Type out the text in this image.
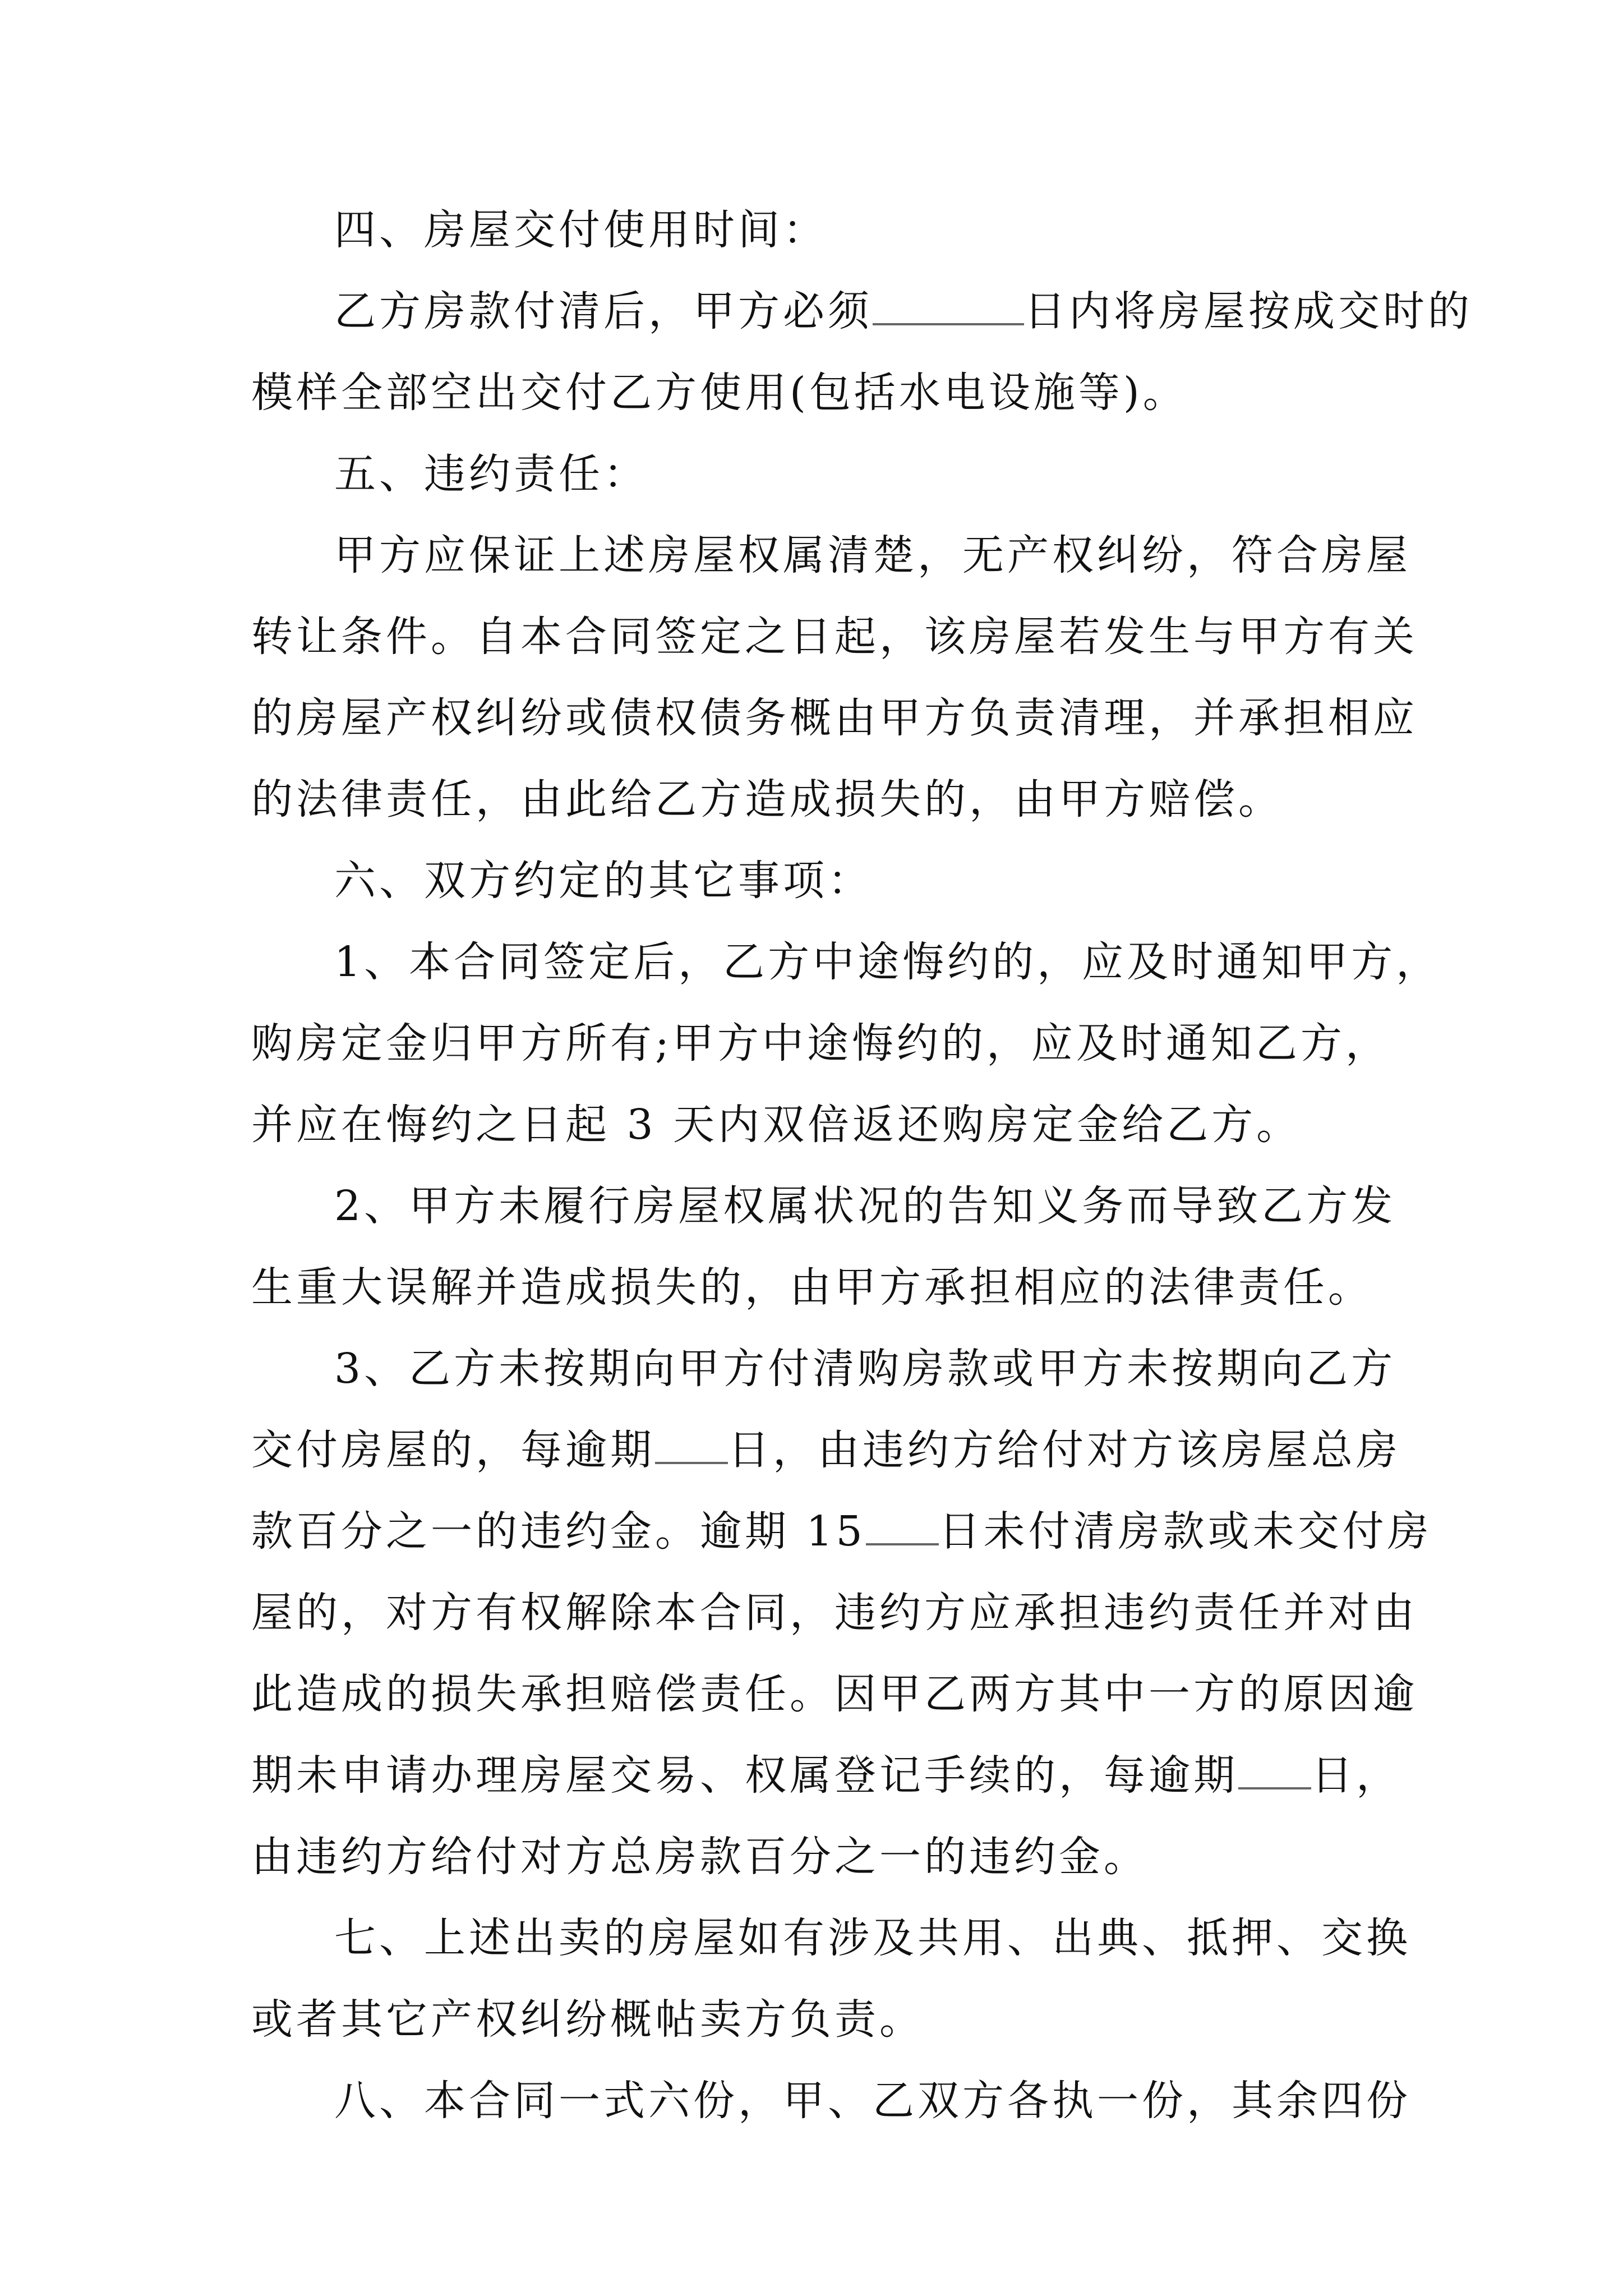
四、房屋交付使用时间：
乙方房款付清后，甲方必须	日内将房屋按成交时的
模样全部空出交付乙方使用(包括水电设施等)。
五、违约责任：
甲方应保证上述房屋权属清楚，无产权纠纷，符合房屋
转让条件。自本合同签定之日起，该房屋若发生与甲方有关
的房屋产权纠纷或债权债务概由甲方负责清理，并承担相应
的法律责任，由此给乙方造成损失的，由甲方赔偿。
六、双方约定的其它事项：
1、本合同签定后，乙方中途悔约的，应及时通知甲方，
购房定金归甲方所有;甲方中途悔约的，应及时通知乙方，
并应在悔约之日起 3 天内双倍返还购房定金给乙方。
2、甲方未履行房屋权属状况的告知义务而导致乙方发
生重大误解并造成损失的，由甲方承担相应的法律责任。
3、乙方未按期向甲方付清购房款或甲方未按期向乙方
交付房屋的，每逾期 日，由违约方给付对方该房屋总房
款百分之一的违约金。逾期 15 日未付清房款或未交付房
屋的，对方有权解除本合同，违约方应承担违约责任并对由
此造成的损失承担赔偿责任。因甲乙两方其中一方的原因逾
期未申请办理房屋交易、权属登记手续的，每逾期 日，
由违约方给付对方总房款百分之一的违约金。
七、上述出卖的房屋如有涉及共用、出典、抵押、交换
或者其它产权纠纷概帖卖方负责。
八、本合同一式六份，甲、乙双方各执一份，其余四份
